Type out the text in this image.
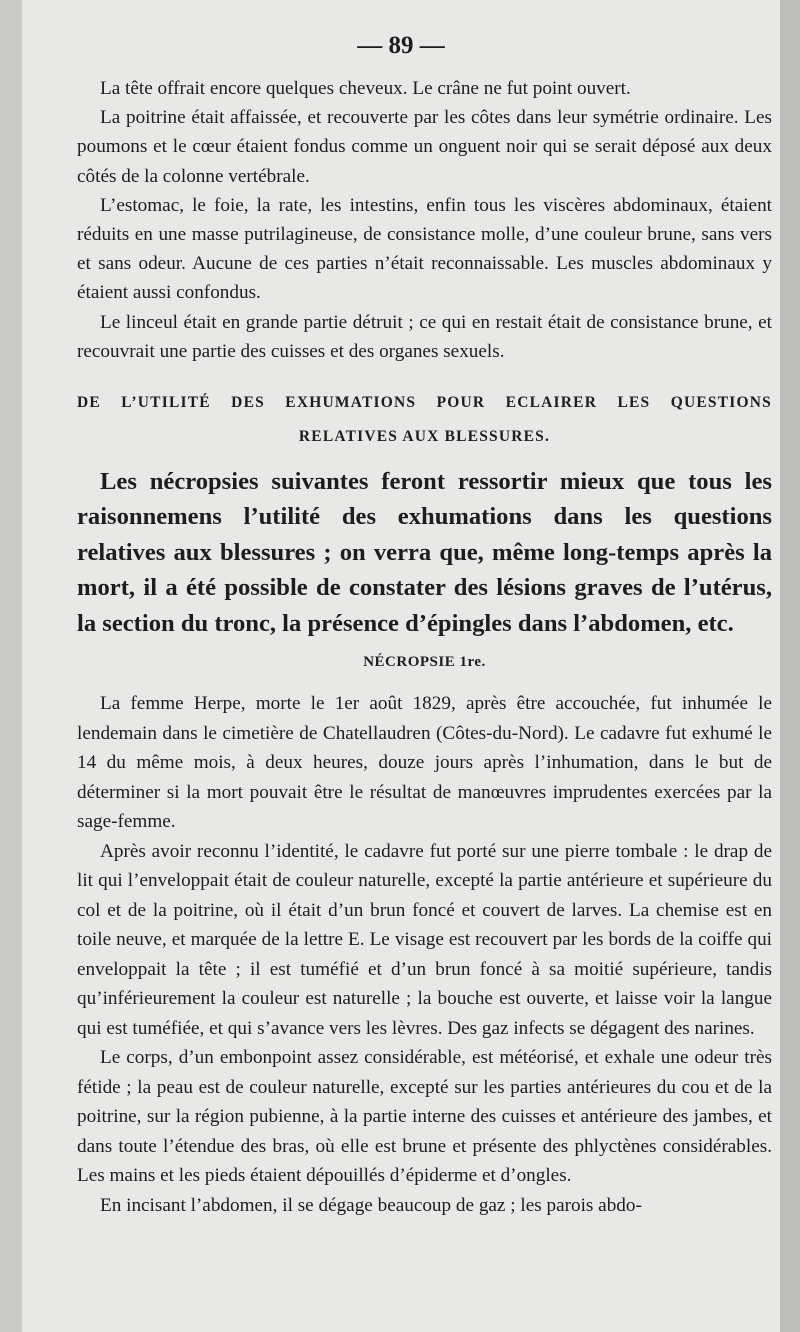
— 89 —

La tête offrait encore quelques cheveux. Le crâne ne fut point ouvert.

La poitrine était affaissée, et recouverte par les côtes dans leur symétrie ordinaire. Les poumons et le cœur étaient fondus comme un onguent noir qui se serait déposé aux deux côtés de la colonne vertébrale.

L’estomac, le foie, la rate, les intestins, enfin tous les viscères abdominaux, étaient réduits en une masse putrilagineuse, de consistance molle, d’une couleur brune, sans vers et sans odeur. Aucune de ces parties n’était reconnaissable. Les muscles abdominaux y étaient aussi confondus.

Le linceul était en grande partie détruit ; ce qui en restait était de consistance brune, et recouvrait une partie des cuisses et des organes sexuels.

DE L’UTILITÉ DES EXHUMATIONS POUR ECLAIRER LES QUESTIONS

RELATIVES AUX BLESSURES.

Les nécropsies suivantes feront ressortir mieux que tous les raisonnemens l’utilité des exhumations dans les questions relatives aux blessures ; on verra que, même long-temps après la mort, il a été possible de constater des lésions graves de l’utérus, la section du tronc, la présence d’épingles dans l’abdomen, etc.

NÉCROPSIE 1re.

La femme Herpe, morte le 1er août 1829, après être accouchée, fut inhumée le lendemain dans le cimetière de Chatellaudren (Côtes-du-Nord). Le cadavre fut exhumé le 14 du même mois, à deux heures, douze jours après l’inhumation, dans le but de déterminer si la mort pouvait être le résultat de manœuvres imprudentes exercées par la sage-femme.

Après avoir reconnu l’identité, le cadavre fut porté sur une pierre tombale : le drap de lit qui l’enveloppait était de couleur naturelle, excepté la partie antérieure et supérieure du col et de la poitrine, où il était d’un brun foncé et couvert de larves. La chemise est en toile neuve, et marquée de la lettre E. Le visage est recouvert par les bords de la coiffe qui enveloppait la tête ; il est tuméfié et d’un brun foncé à sa moitié supérieure, tandis qu’inférieurement la couleur est naturelle ; la bouche est ouverte, et laisse voir la langue qui est tuméfiée, et qui s’avance vers les lèvres. Des gaz infects se dégagent des narines.

Le corps, d’un embonpoint assez considérable, est météorisé, et exhale une odeur très fétide ; la peau est de couleur naturelle, excepté sur les parties antérieures du cou et de la poitrine, sur la région pubienne, à la partie interne des cuisses et antérieure des jambes, et dans toute l’étendue des bras, où elle est brune et présente des phlyctènes considérables. Les mains et les pieds étaient dépouillés d’épiderme et d’ongles.

En incisant l’abdomen, il se dégage beaucoup de gaz ; les parois abdo-
